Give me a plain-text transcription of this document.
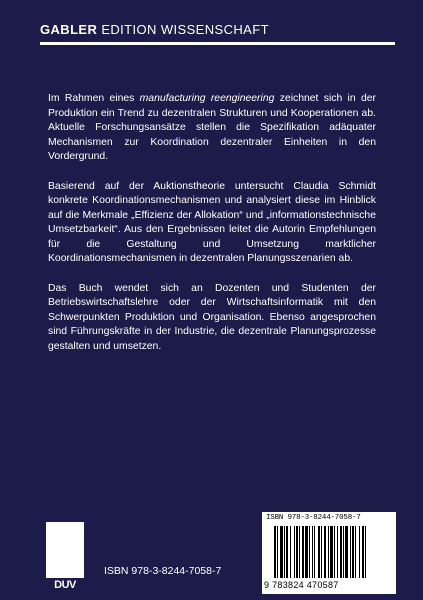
GABLER EDITION WISSENSCHAFT

Im Rahmen eines manufacturing reengineering zeichnet sich in der Produktion ein Trend zu dezentralen Strukturen und Kooperationen ab. Aktuelle Forschungsansätze stellen die Spezifikation adäquater Mechanismen zur Koordination dezentraler Einheiten in den Vordergrund.

Basierend auf der Auktionstheorie untersucht Claudia Schmidt konkrete Koordinationsmechanismen und analysiert diese im Hinblick auf die Merkmale „Effizienz der Allokation“ und „informationstechnische Umsetzbarkeit“. Aus den Ergebnissen leitet die Autorin Empfehlungen für die Gestaltung und Umsetzung marktlicher Koordinationsmechanismen in dezentralen Planungsszenarien ab.

Das Buch wendet sich an Dozenten und Studenten der Betriebswirtschaftslehre oder der Wirtschaftsinformatik mit den Schwerpunkten Produktion und Organisation. Ebenso angesprochen sind Führungskräfte in der Industrie, die dezentrale Planungsprozesse gestalten und umsetzen.

DUV
ISBN 978-3-8244-7058-7
ISBN 978-3-8244-7058-7
9 783824 470587
